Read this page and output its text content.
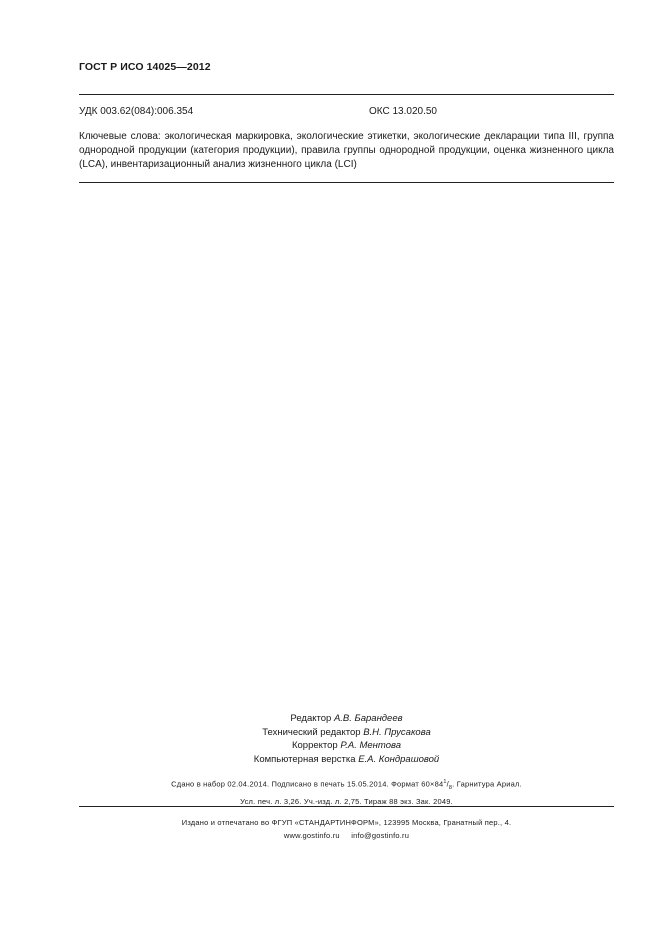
ГОСТ Р ИСО 14025—2012
УДК 003.62(084):006.354	ОКС 13.020.50

Ключевые слова: экологическая маркировка, экологические этикетки, экологические декларации типа III, группа однородной продукции (категория продукции), правила группы однородной продукции, оценка жизненного цикла (LCA), инвентаризационный анализ жизненного цикла (LCI)

Редактор А.В. Барандеев
Технический редактор В.Н. Прусакова
Корректор Р.А. Ментова
Компьютерная верстка Е.А. Кондрашовой
Сдано в набор 02.04.2014. Подписано в печать 15.05.2014. Формат $60\times 84^1/_8$. Гарнитура Ариал.
Усл. печ. л. 3,26. Уч.-изд. л. 2,75. Тираж 88 экз. Зак. 2049.
Издано и отпечатано во ФГУП «СТАНДАРТИНФОРМ», 123995 Москва, Гранатный пер., 4.
www.gostinfo.ru     info@gostinfo.ru
